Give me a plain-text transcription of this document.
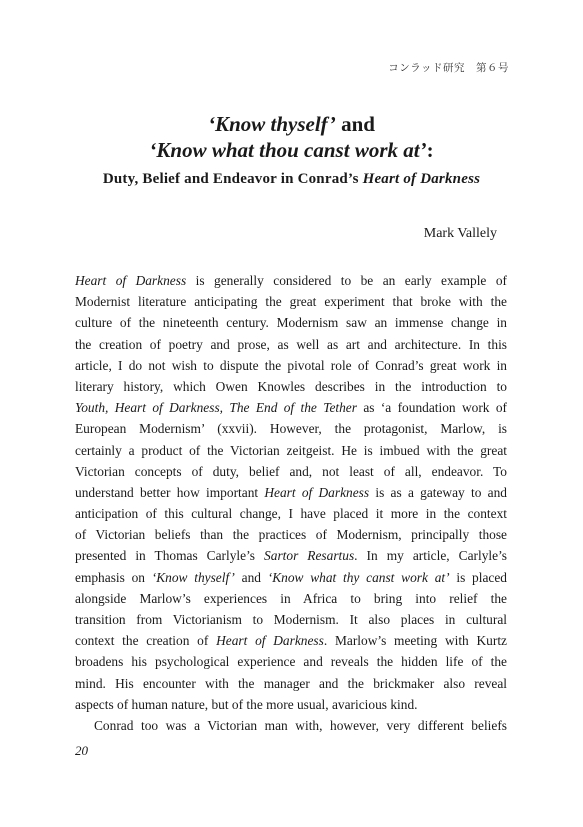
コンラッド研究　第６号
‘Know thyself’ and
‘Know what thou canst work at’:
Duty, Belief and Endeavor in Conrad’s Heart of Darkness
Mark Vallely
Heart of Darkness is generally considered to be an early example of
Modernist literature anticipating the great experiment that broke with the
culture of the nineteenth century. Modernism saw an immense change in
the creation of poetry and prose, as well as art and architecture. In this
article, I do not wish to dispute the pivotal role of Conrad’s great work in
literary history, which Owen Knowles describes in the introduction to
Youth, Heart of Darkness, The End of the Tether as ‘a foundation work of
European Modernism’ (xxvii). However, the protagonist, Marlow, is
certainly a product of the Victorian zeitgeist. He is imbued with the great
Victorian concepts of duty, belief and, not least of all, endeavor. To
understand better how important Heart of Darkness is as a gateway to and
anticipation of this cultural change, I have placed it more in the context
of Victorian beliefs than the practices of Modernism, principally those
presented in Thomas Carlyle’s Sartor Resartus. In my article, Carlyle’s
emphasis on ‘Know thyself’ and ‘Know what thy canst work at’ is placed
alongside Marlow’s experiences in Africa to bring into relief the
transition from Victorianism to Modernism. It also places in cultural
context the creation of Heart of Darkness. Marlow’s meeting with Kurtz
broadens his psychological experience and reveals the hidden life of the
mind. His encounter with the manager and the brickmaker also reveal
aspects of human nature, but of the more usual, avaricious kind.
Conrad too was a Victorian man with, however, very different beliefs
20
